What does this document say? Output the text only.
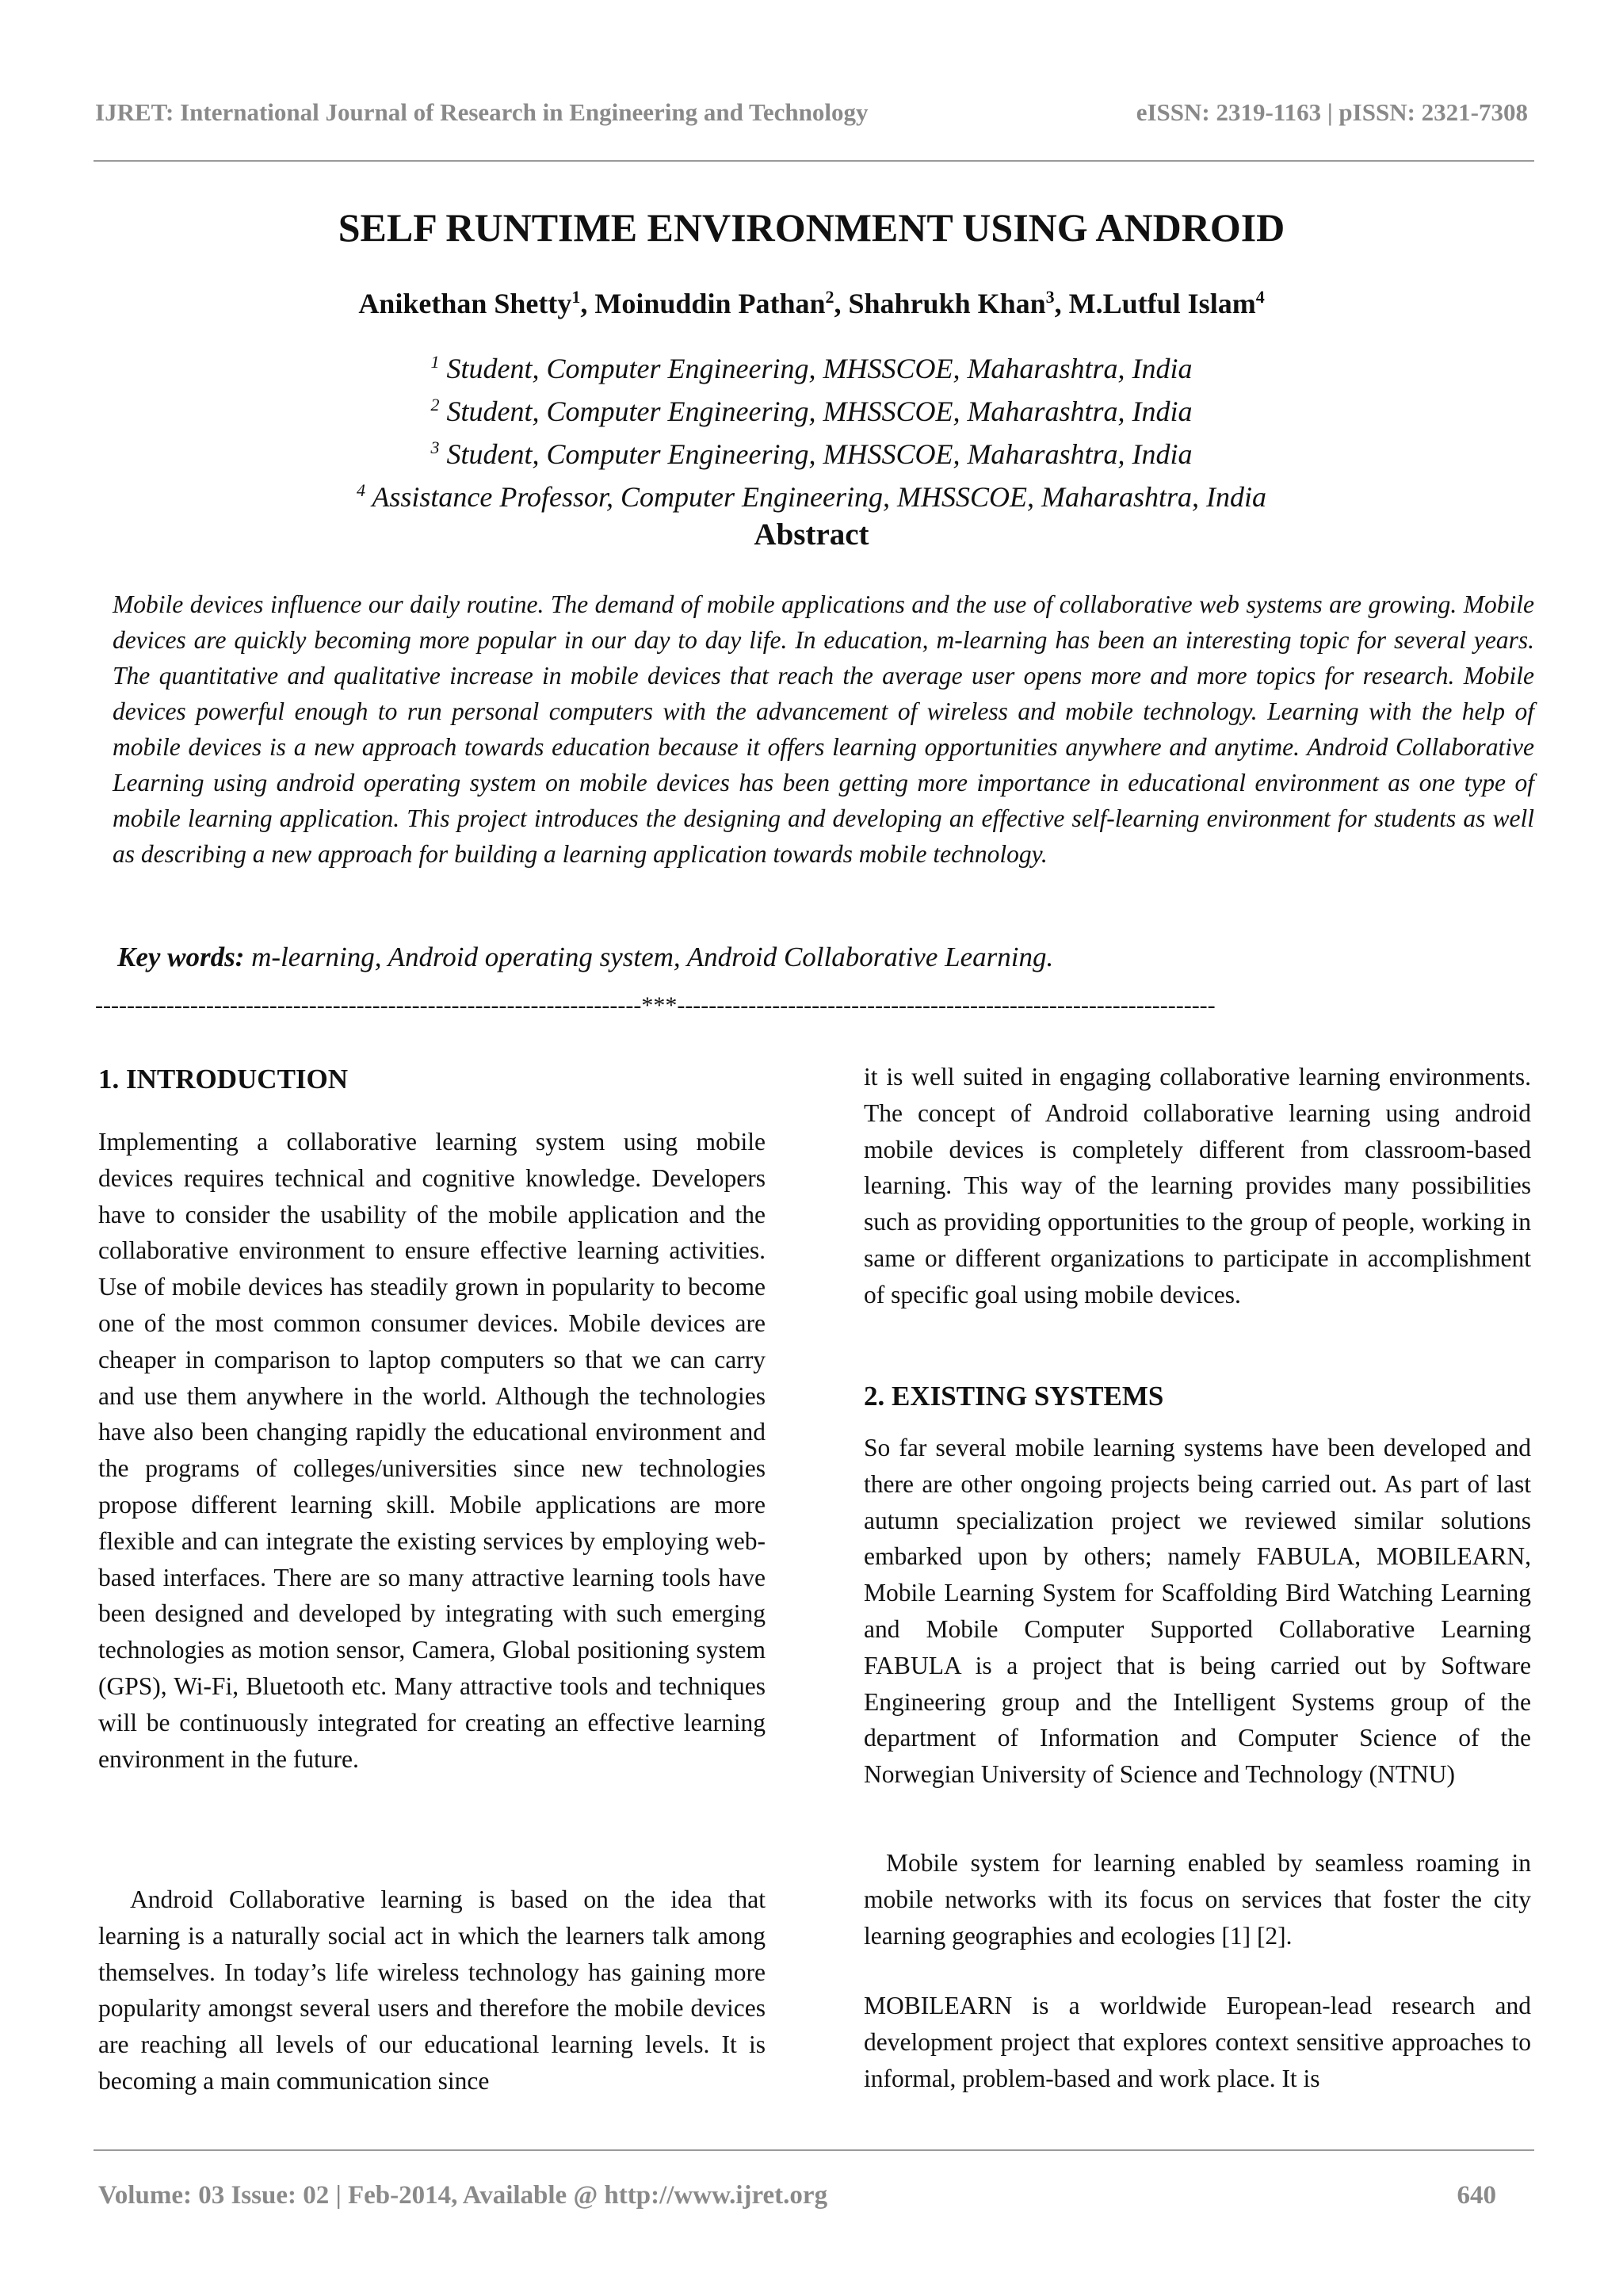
IJRET: International Journal of Research in Engineering and Technology	eISSN: 2319-1163 | pISSN: 2321-7308
SELF RUNTIME ENVIRONMENT USING ANDROID
Anikethan Shetty$^1$, Moinuddin Pathan$^2$, Shahrukh Khan$^3$, M.Lutful Islam$^4$
$^1$ Student, Computer Engineering, MHSSCOE, Maharashtra, India
$^2$ Student, Computer Engineering, MHSSCOE, Maharashtra, India
$^3$ Student, Computer Engineering, MHSSCOE, Maharashtra, India
$^4$ Assistance Professor, Computer Engineering, MHSSCOE, Maharashtra, India
Abstract

Mobile devices influence our daily routine. The demand of mobile applications and the use of collaborative web systems are growing. Mobile devices are quickly becoming more popular in our day to day life. In education, m-learning has been an interesting topic for several years. The quantitative and qualitative increase in mobile devices that reach the average user opens more and more topics for research. Mobile devices powerful enough to run personal computers with the advancement of wireless and mobile technology. Learning with the help of mobile devices is a new approach towards education because it offers learning opportunities anywhere and anytime. Android Collaborative Learning using android operating system on mobile devices has been getting more importance in educational environment as one type of mobile learning application. This project introduces the designing and developing an effective self-learning environment for students as well as describing a new approach for building a learning application towards mobile technology.

Key words: m-learning, Android operating system, Android Collaborative Learning.
---------------------------------------------------------------------***--------------------------------------------------------------------
1. INTRODUCTION

Implementing a collaborative learning system using mobile devices requires technical and cognitive knowledge. Developers have to consider the usability of the mobile application and the collaborative environment to ensure effective learning activities. Use of mobile devices has steadily grown in popularity to become one of the most common consumer devices. Mobile devices are cheaper in comparison to laptop computers so that we can carry and use them anywhere in the world. Although the technologies have also been changing rapidly the educational environment and the programs of colleges/universities since new technologies propose different learning skill. Mobile applications are more flexible and can integrate the existing services by employing web-based interfaces. There are so many attractive learning tools have been designed and developed by integrating with such emerging technologies as motion sensor, Camera, Global positioning system (GPS), Wi-Fi, Bluetooth etc. Many attractive tools and techniques will be continuously integrated for creating an effective learning environment in the future.

Android Collaborative learning is based on the idea that learning is a naturally social act in which the learners talk among themselves. In today’s life wireless technology has gaining more popularity amongst several users and therefore the mobile devices are reaching all levels of our educational learning levels. It is becoming a main communication since

it is well suited in engaging collaborative learning environments. The concept of Android collaborative learning using android mobile devices is completely different from classroom-based learning. This way of the learning provides many possibilities such as providing opportunities to the group of people, working in same or different organizations to participate in accomplishment of specific goal using mobile devices.

2. EXISTING SYSTEMS

So far several mobile learning systems have been developed and there are other ongoing projects being carried out. As part of last autumn specialization project we reviewed similar solutions embarked upon by others; namely FABULA, MOBILEARN, Mobile Learning System for Scaffolding Bird Watching Learning and Mobile Computer Supported Collaborative Learning FABULA is a project that is being carried out by Software Engineering group and the Intelligent Systems group of the department of Information and Computer Science of the Norwegian University of Science and Technology (NTNU)

Mobile system for learning enabled by seamless roaming in mobile networks with its focus on services that foster the city learning geographies and ecologies [1] [2].

MOBILEARN is a worldwide European-lead research and development project that explores context sensitive approaches to informal, problem-based and work place. It is

Volume: 03 Issue: 02 | Feb-2014, Available @ http://www.ijret.org	640
